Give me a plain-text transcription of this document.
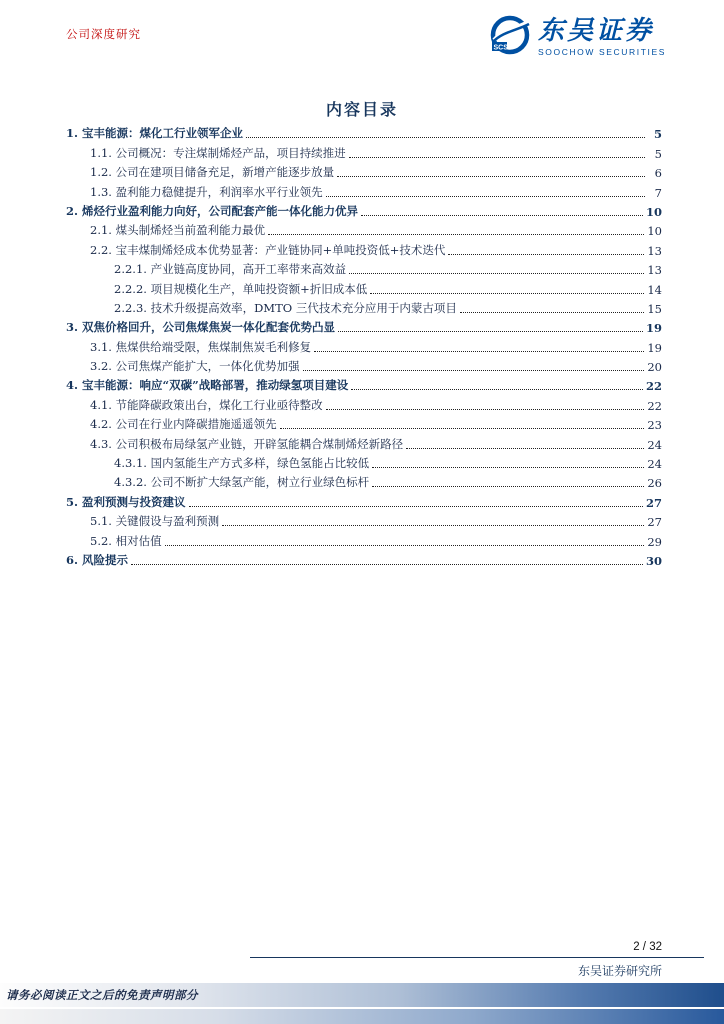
公司深度研究
SCS
东吴证券
SOOCHOW SECURITIES
内容目录
1. 宝丰能源：煤化工行业领军企业	5
1.1. 公司概况：专注煤制烯烃产品，项目持续推进	5
1.2. 公司在建项目储备充足，新增产能逐步放量	6
1.3. 盈利能力稳健提升，利润率水平行业领先	7
2. 烯烃行业盈利能力向好，公司配套产能一体化能力优异	10
2.1. 煤头制烯烃当前盈利能力最优	10
2.2. 宝丰煤制烯烃成本优势显著：产业链协同+单吨投资低+技术迭代	13
2.2.1. 产业链高度协同，高开工率带来高效益	13
2.2.2. 项目规模化生产，单吨投资额+折旧成本低	14
2.2.3. 技术升级提高效率，DMTO 三代技术充分应用于内蒙古项目	15
3. 双焦价格回升，公司焦煤焦炭一体化配套优势凸显	19
3.1. 焦煤供给端受限，焦煤制焦炭毛利修复	19
3.2. 公司焦煤产能扩大，一体化优势加强	20
4. 宝丰能源：响应“双碳”战略部署，推动绿氢项目建设	22
4.1. 节能降碳政策出台，煤化工行业亟待整改	22
4.2. 公司在行业内降碳措施遥遥领先	23
4.3. 公司积极布局绿氢产业链，开辟氢能耦合煤制烯烃新路径	24
4.3.1. 国内氢能生产方式多样，绿色氢能占比较低	24
4.3.2. 公司不断扩大绿氢产能，树立行业绿色标杆	26
5. 盈利预测与投资建议	27
5.1. 关键假设与盈利预测	27
5.2. 相对估值	29
6. 风险提示	30
2 / 32
东吴证券研究所
请务必阅读正文之后的免责声明部分
